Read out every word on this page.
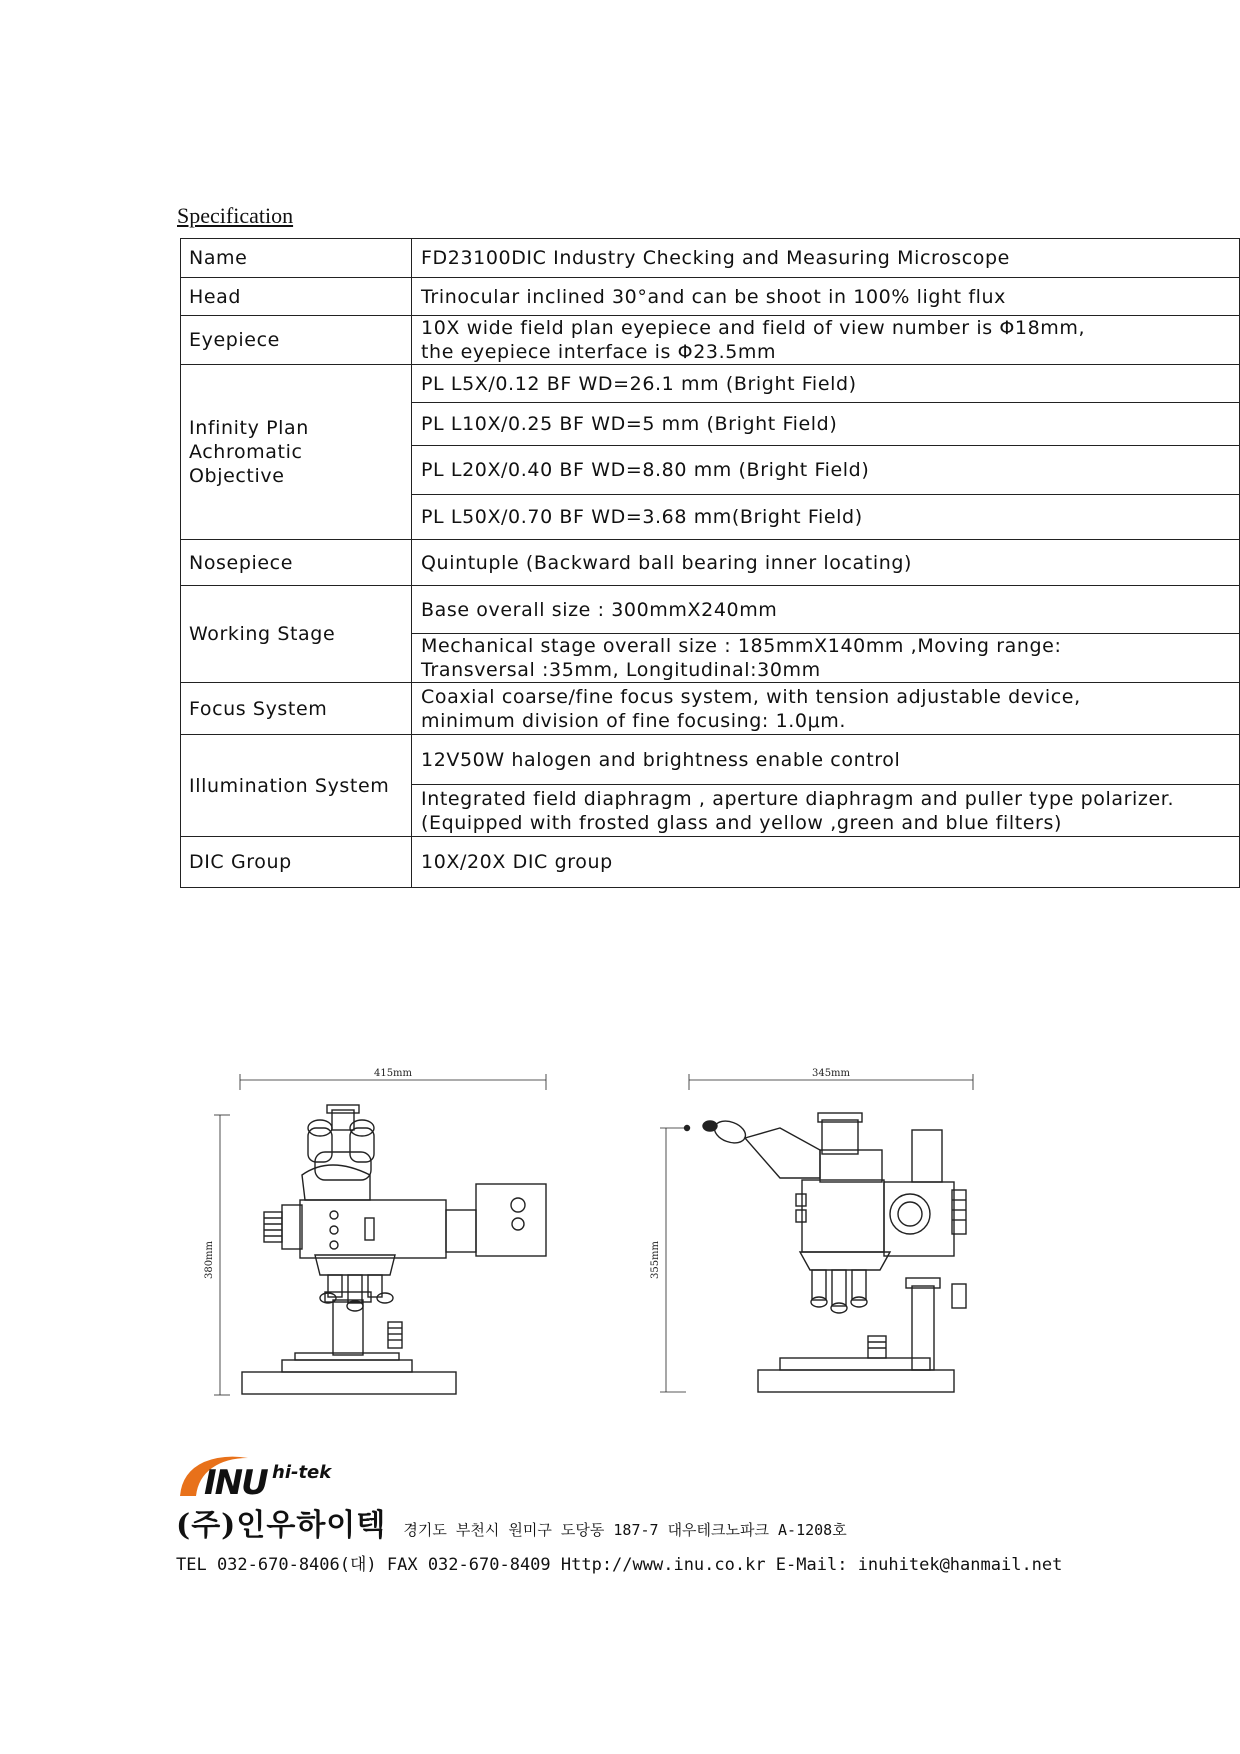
Specification
Name	FD23100DIC Industry Checking and Measuring Microscope
Head	Trinocular inclined 30°and can be shoot in 100% light flux
Eyepiece	10X wide field plan eyepiece and field of view number is Φ18mm,
the eyepiece interface is Φ23.5mm

Infinity Plan
Achromatic Objective	PL L5X/0.12 BF WD=26.1 mm (Bright Field)
	PL L10X/0.25 BF WD=5 mm (Bright Field)
	PL L20X/0.40 BF WD=8.80 mm (Bright Field)
	PL L50X/0.70 BF WD=3.68 mm(Bright Field)
Nosepiece	Quintuple (Backward ball bearing inner locating)
Working Stage	Base overall size : 300mmX240mm

	Mechanical stage overall size : 185mmX140mm ,Moving range:
Transversal :35mm, Longitudinal:30mm

Focus System	Coaxial coarse/fine focus system, with tension adjustable device,
minimum division of fine focusing: 1.0μm.

Illumination System	12V50W halogen and brightness enable control

	Integrated field diaphragm , aperture diaphragm and puller type polarizer.
(Equipped with frosted glass and yellow ,green and blue filters)

DIC Group	10X/20X DIC group
415mm
380mm
345mm
355mm
INU hi-tek
(주)인우하이텍 경기도 부천시 원미구 도당동 187-7 대우테크노파크 A-1208호
TEL 032-670-8406(대) FAX 032-670-8409 Http://www.inu.co.kr E-Mail: inuhitek@hanmail.net
